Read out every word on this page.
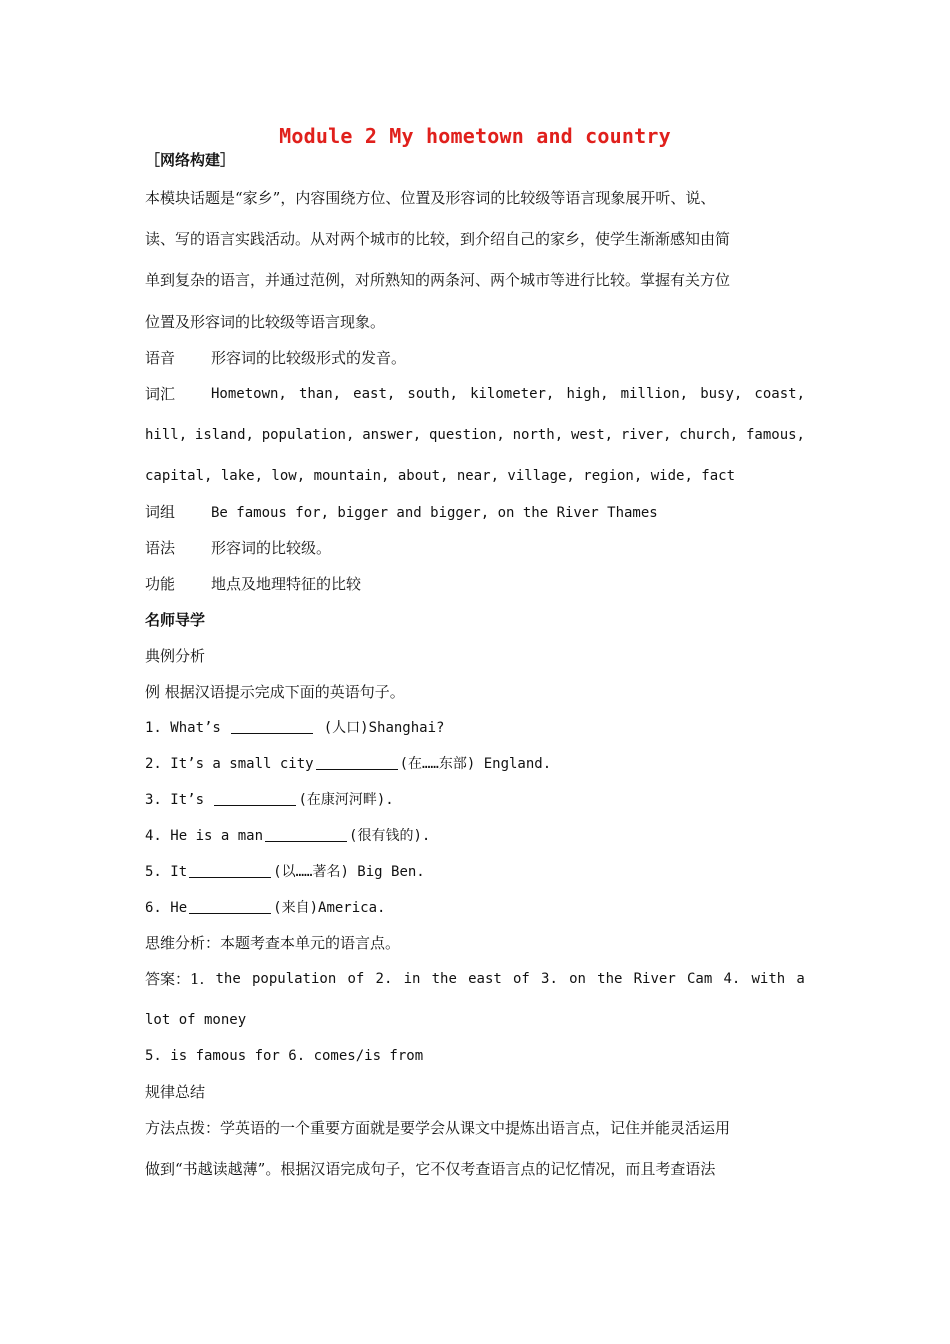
Module 2 My hometown and country
［网络构建］
本模块话题是“家乡”，内容围绕方位、位置及形容词的比较级等语言现象展开听、说、
读、写的语言实践活动。从对两个城市的比较，到介绍自己的家乡，使学生渐渐感知由简
单到复杂的语言，并通过范例，对所熟知的两条河、两个城市等进行比较。掌握有关方位
位置及形容词的比较级等语言现象。
语音 形容词的比较级形式的发音。
词汇	Hometown, than, east, south, kilometer, high, million, busy, coast,
hill, island, population, answer, question, north, west, river, church, famous,
capital, lake, low, mountain, about, near, village, region, wide, fact
词组	Be famous for, bigger and bigger, on the River Thames
语法 形容词的比较级。
功能 地点及地理特征的比较
名师导学
典例分析
例 根据汉语提示完成下面的英语句子。
1. What’s	(人口)Shanghai?
2. It’s a small city	(在……东部) England.
3. It’s	(在康河河畔).
4. He is a man	(很有钱的).
5. It	(以……著名) Big Ben.
6. He	(来自)America.
思维分析：本题考查本单元的语言点。
答案：1. the population of 2. in the east of 3. on the River Cam 4. with a
lot of money
5. is famous for 6. comes/is from
规律总结
方法点拨：学英语的一个重要方面就是要学会从课文中提炼出语言点，记住并能灵活运用
做到“书越读越薄”。根据汉语完成句子，它不仅考查语言点的记忆情况，而且考查语法
